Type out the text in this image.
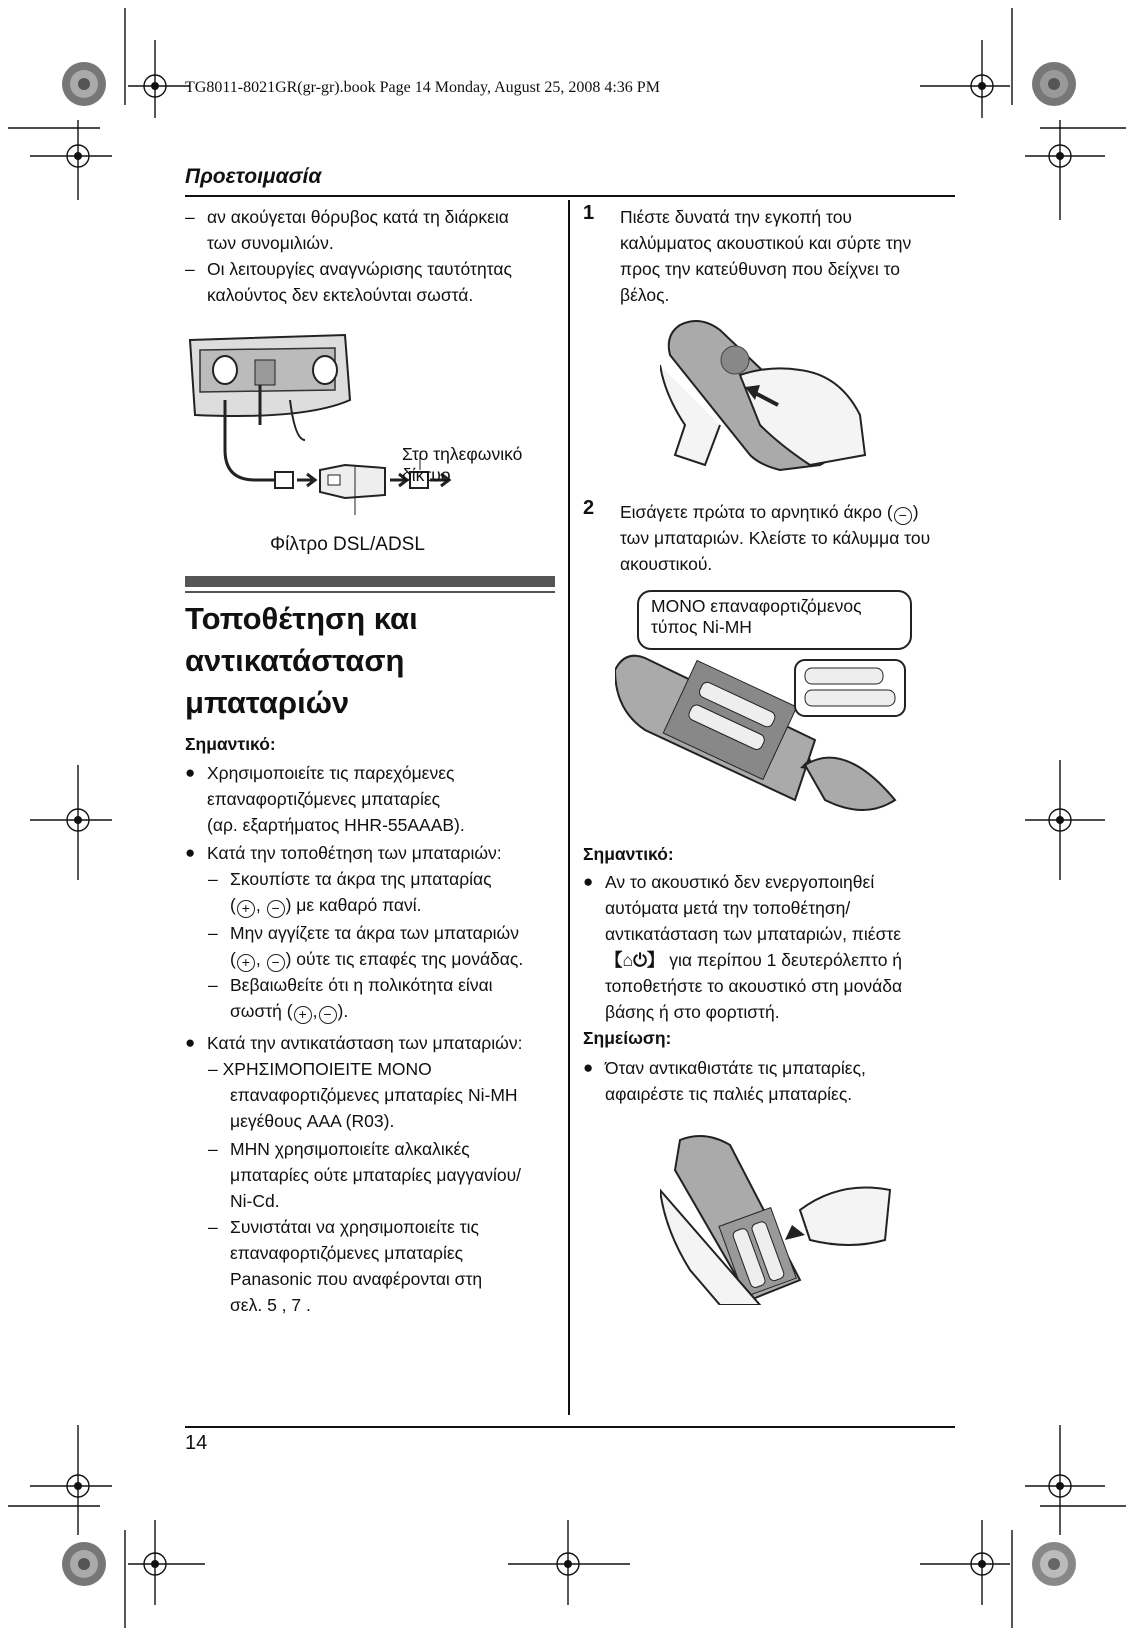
TG8011-8021GR(gr-gr).book Page 14 Monday, August 25, 2008 4:36 PM
Προετοιμασία
– αν ακούγεται θόρυβος κατά τη διάρκεια
των συνομιλιών.
– Οι λειτουργίες αναγνώρισης ταυτότητας
καλούντος δεν εκτελούνται σωστά.
Στο τηλεφωνικό
δίκτυο
Φίλτρο DSL/ADSL
Τοποθέτηση και
αντικατάσταση
μπαταριών
Σημαντικό:
● Χρησιμοποιείτε τις παρεχόμενες
επαναφορτιζόμενες μπαταρίες
(αρ. εξαρτήματος HHR-55AAAB).
● Κατά την τοποθέτηση των μπαταριών:
– Σκουπίστε τα άκρα της μπαταρίας
( + , − ) με καθαρό πανί.
– Μην αγγίζετε τα άκρα των μπαταριών
( + , − ) ούτε τις επαφές της μονάδας.
– Βεβαιωθείτε ότι η πολικότητα είναι
σωστή ( + , − ).
● Κατά την αντικατάσταση των μπαταριών:
– ΧΡΗΣΙΜΟΠΟΙΕΙΤΕ ΜΟΝΟ
επαναφορτιζόμενες μπαταρίες Ni-MH
μεγέθους AAA (R03).
– ΜΗΝ χρησιμοποιείτε αλκαλικές
μπαταρίες ούτε μπαταρίες μαγγανίου/
Ni-Cd.
– Συνιστάται να χρησιμοποιείτε τις
επαναφορτιζόμενες μπαταρίες
Panasonic που αναφέρονται στη
σελ. 5 , 7 .
1 Πιέστε δυνατά την εγκοπή του
καλύμματος ακουστικού και σύρτε την
προς την κατεύθυνση που δείχνει το
βέλος.
2 Εισάγετε πρώτα το αρνητικό άκρο ( − )
των μπαταριών. Κλείστε το κάλυμμα του
ακουστικού.
ΜΟΝΟ επαναφορτιζόμενος
τύπος Ni-MH
Σημαντικό:
● Αν το ακουστικό δεν ενεργοποιηθεί
αυτόματα μετά την τοποθέτηση/
αντικατάσταση των μπαταριών, πιέστε
【⌂⏻】 για περίπου 1 δευτερόλεπτο ή
τοποθετήστε το ακουστικό στη μονάδα
βάσης ή στο φορτιστή.
Σημείωση:
● Όταν αντικαθιστάτε τις μπαταρίες,
αφαιρέστε τις παλιές μπαταρίες.
14
